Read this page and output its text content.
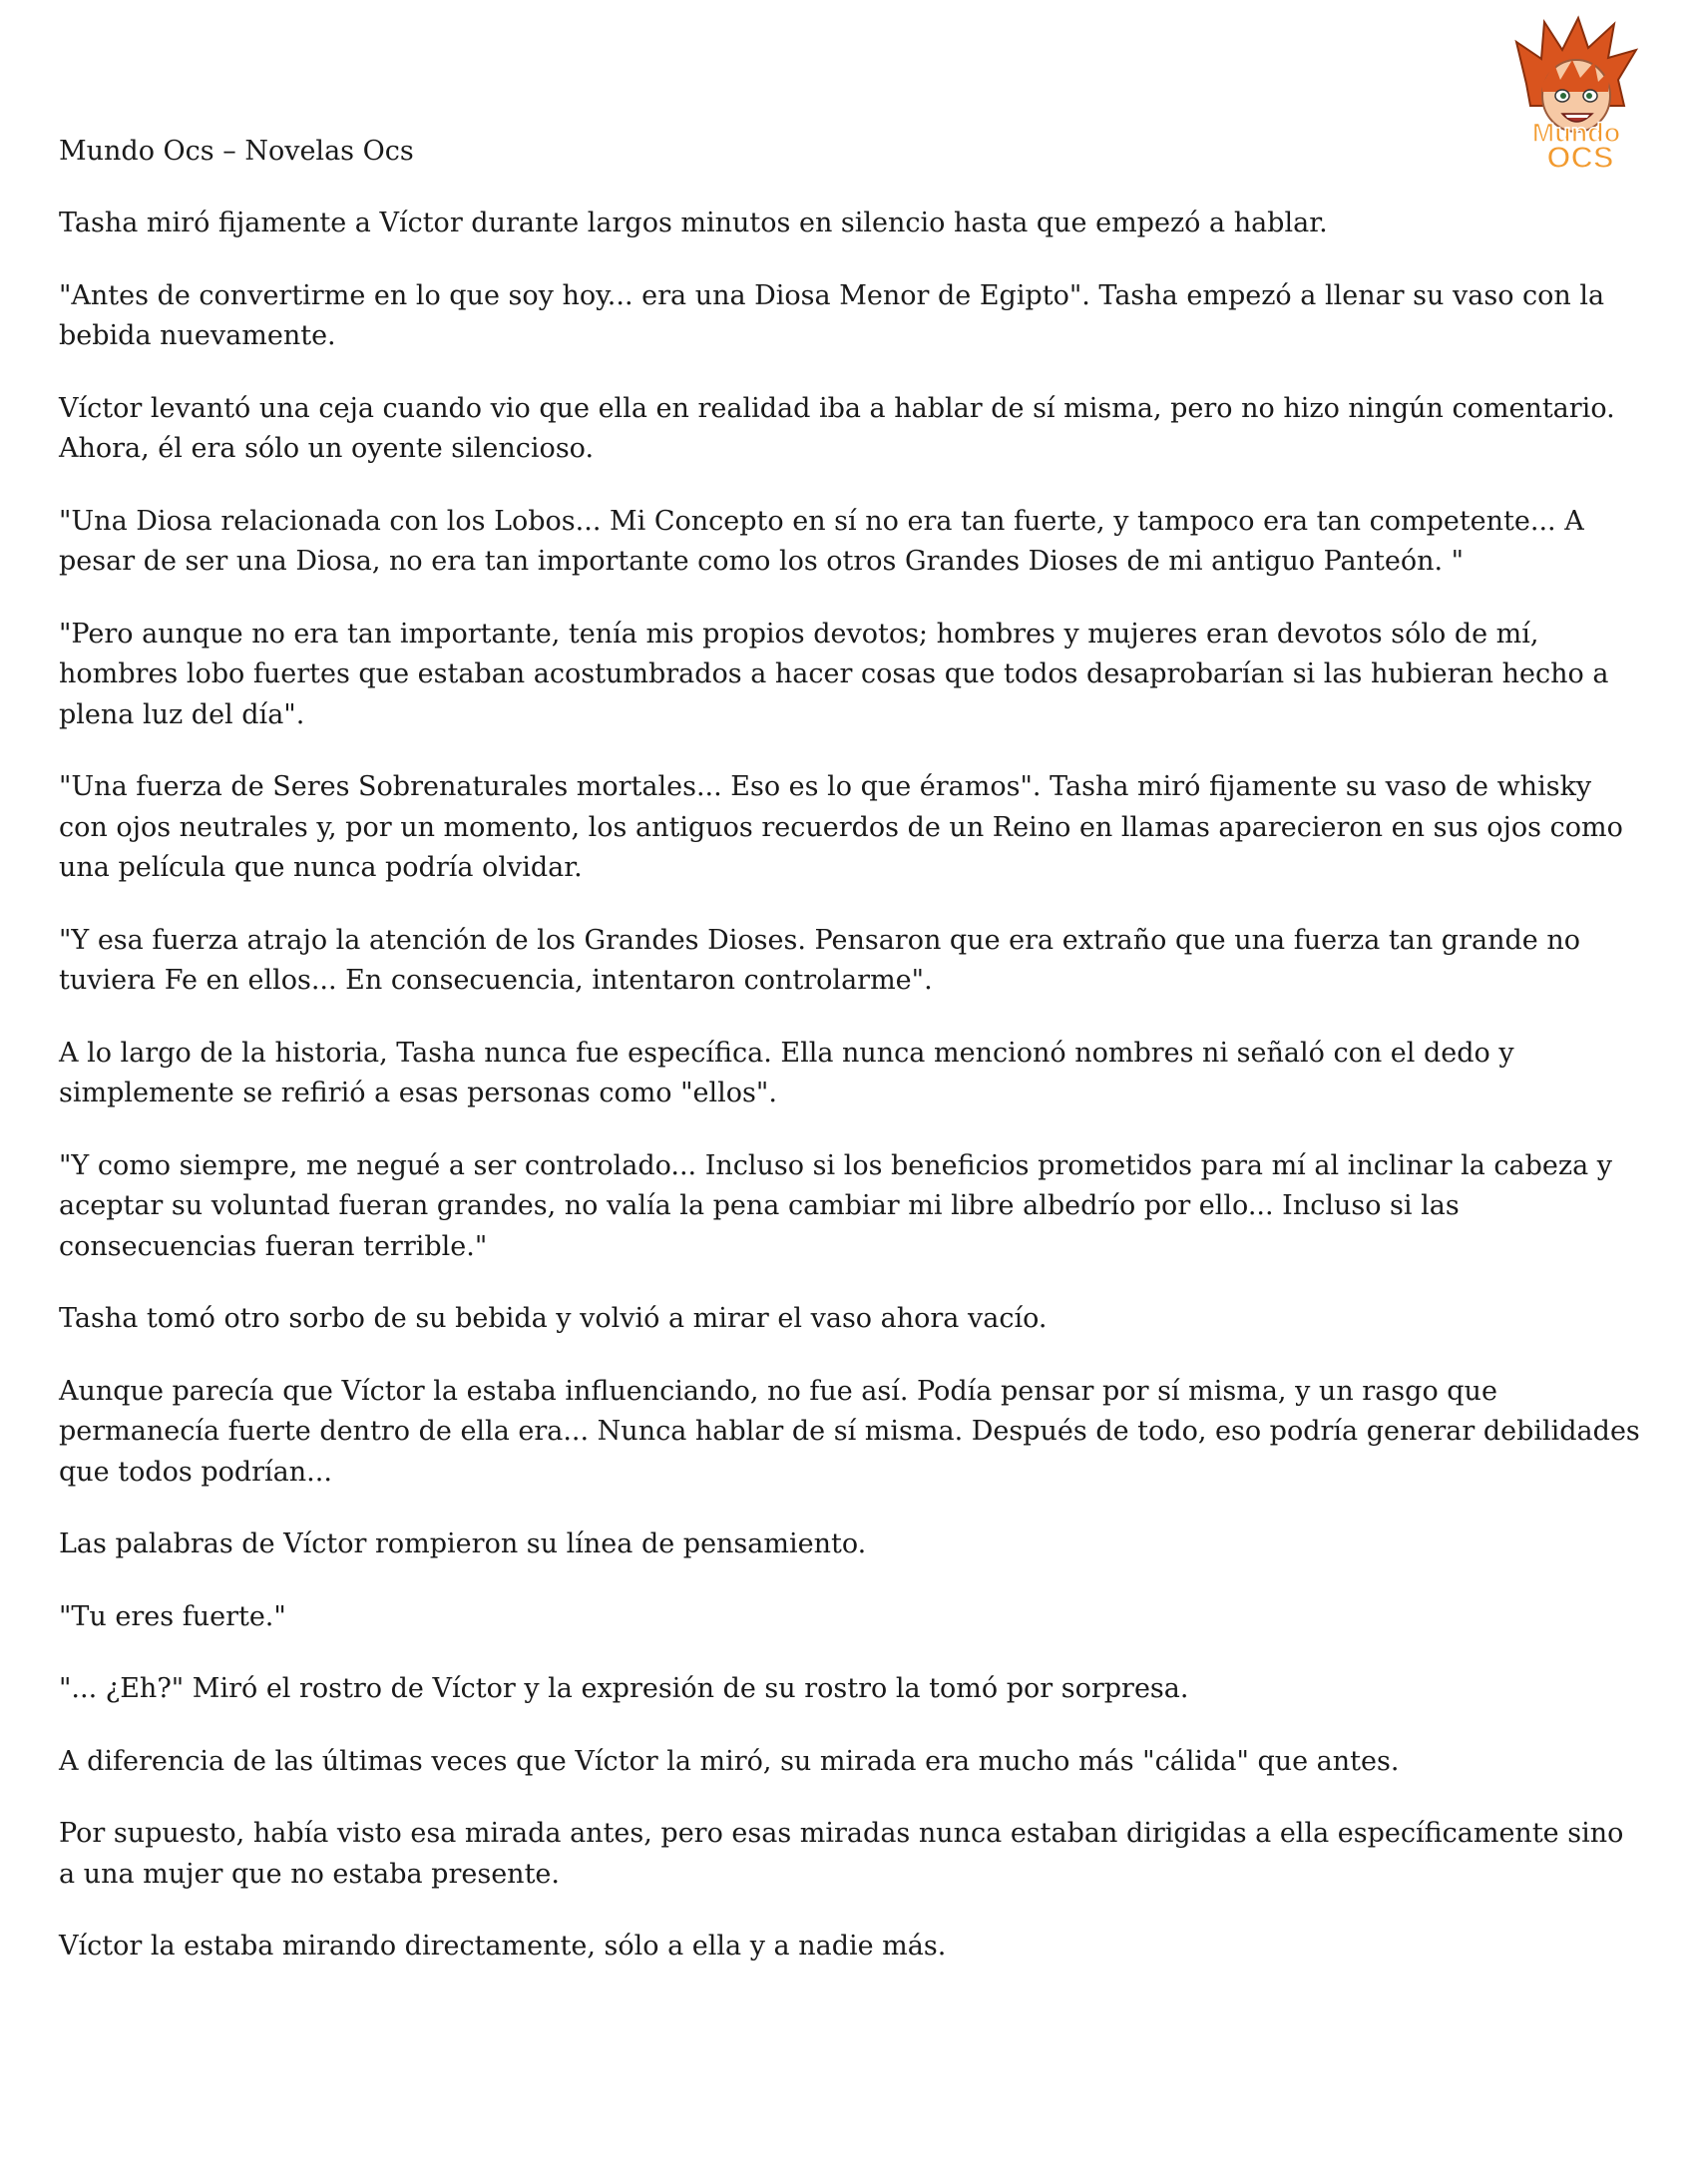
Mundo
OCS
Mundo Ocs – Novelas Ocs

Tasha miró fijamente a Víctor durante largos minutos en silencio hasta que empezó a hablar.

"Antes de convertirme en lo que soy hoy... era una Diosa Menor de Egipto". Tasha empezó a llenar su vaso con la bebida nuevamente.

Víctor levantó una ceja cuando vio que ella en realidad iba a hablar de sí misma, pero no hizo ningún comentario. Ahora, él era sólo un oyente silencioso.

"Una Diosa relacionada con los Lobos... Mi Concepto en sí no era tan fuerte, y tampoco era tan competente... A pesar de ser una Diosa, no era tan importante como los otros Grandes Dioses de mi antiguo Panteón. "

"Pero aunque no era tan importante, tenía mis propios devotos; hombres y mujeres eran devotos sólo de mí, hombres lobo fuertes que estaban acostumbrados a hacer cosas que todos desaprobarían si las hubieran hecho a plena luz del día".

"Una fuerza de Seres Sobrenaturales mortales... Eso es lo que éramos". Tasha miró fijamente su vaso de whisky con ojos neutrales y, por un momento, los antiguos recuerdos de un Reino en llamas aparecieron en sus ojos como una película que nunca podría olvidar.

"Y esa fuerza atrajo la atención de los Grandes Dioses. Pensaron que era extraño que una fuerza tan grande no tuviera Fe en ellos... En consecuencia, intentaron controlarme".

A lo largo de la historia, Tasha nunca fue específica. Ella nunca mencionó nombres ni señaló con el dedo y simplemente se refirió a esas personas como "ellos".

"Y como siempre, me negué a ser controlado... Incluso si los beneficios prometidos para mí al inclinar la cabeza y aceptar su voluntad fueran grandes, no valía la pena cambiar mi libre albedrío por ello... Incluso si las consecuencias fueran terrible."

Tasha tomó otro sorbo de su bebida y volvió a mirar el vaso ahora vacío.

Aunque parecía que Víctor la estaba influenciando, no fue así. Podía pensar por sí misma, y un rasgo que permanecía fuerte dentro de ella era... Nunca hablar de sí misma. Después de todo, eso podría generar debilidades que todos podrían...

Las palabras de Víctor rompieron su línea de pensamiento.

"Tu eres fuerte."

"... ¿Eh?" Miró el rostro de Víctor y la expresión de su rostro la tomó por sorpresa.

A diferencia de las últimas veces que Víctor la miró, su mirada era mucho más "cálida" que antes.

Por supuesto, había visto esa mirada antes, pero esas miradas nunca estaban dirigidas a ella específicamente sino a una mujer que no estaba presente.

Víctor la estaba mirando directamente, sólo a ella y a nadie más.
